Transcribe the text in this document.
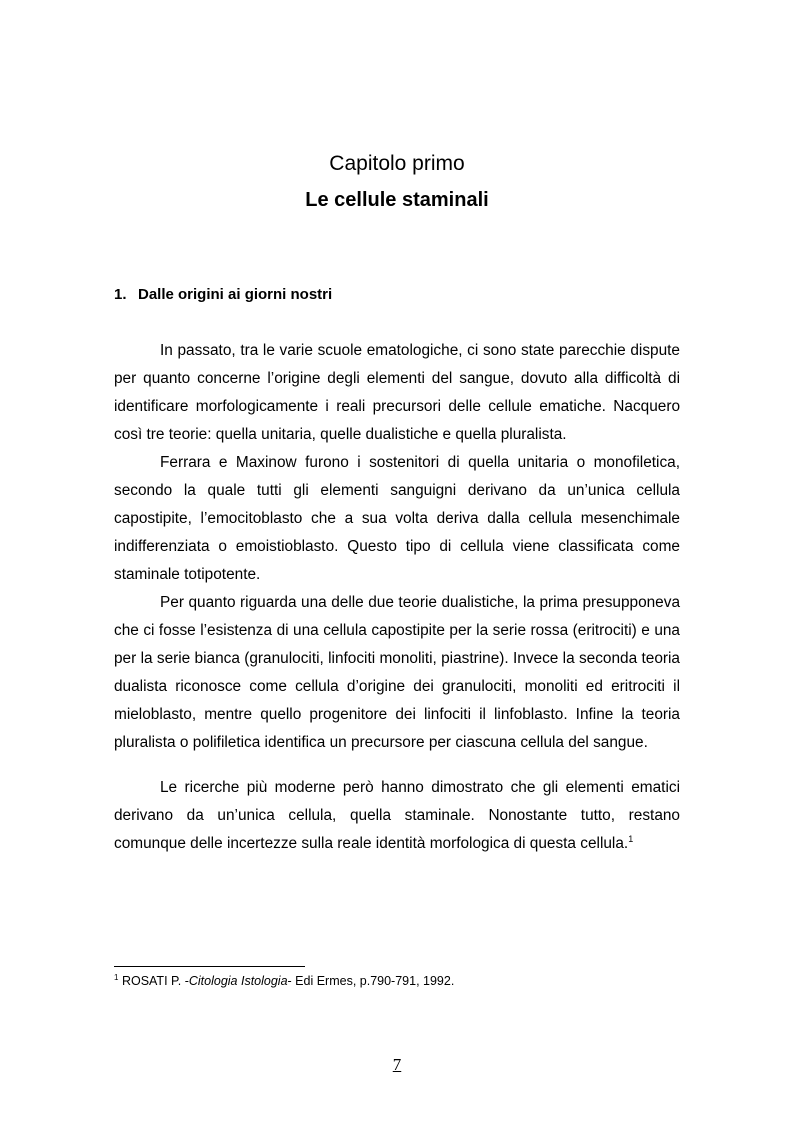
Capitolo primo
Le cellule staminali
1. Dalle origini ai giorni nostri

In passato, tra le varie scuole ematologiche, ci sono state parecchie dispute per quanto concerne l’origine degli elementi del sangue, dovuto alla difficoltà di identificare morfologicamente i reali precursori delle cellule ematiche. Nacquero così tre teorie: quella unitaria, quelle dualistiche e quella pluralista.

Ferrara e Maxinow furono i sostenitori di quella unitaria o monofiletica, secondo la quale tutti gli elementi sanguigni derivano da un’unica cellula capostipite, l’emocitoblasto che a sua volta deriva dalla cellula mesenchimale indifferenziata o emoistioblasto. Questo tipo di cellula viene classificata come staminale totipotente.

Per quanto riguarda una delle due teorie dualistiche, la prima presupponeva che ci fosse l’esistenza di una cellula capostipite per la serie rossa (eritrociti) e una per la serie bianca (granulociti, linfociti monoliti, piastrine). Invece la seconda teoria dualista riconosce come cellula d’origine dei granulociti, monoliti ed eritrociti il mieloblasto, mentre quello progenitore dei linfociti il linfoblasto. Infine la teoria pluralista o polifiletica identifica un precursore per ciascuna cellula del sangue.

Le ricerche più moderne però hanno dimostrato che gli elementi ematici derivano da un’unica cellula, quella staminale. Nonostante tutto, restano comunque delle incertezze sulla reale identità morfologica di questa cellula.$^1$

$^1$ ROSATI P. -Citologia Istologia- Edi Ermes, p.790-791, 1992.
7
